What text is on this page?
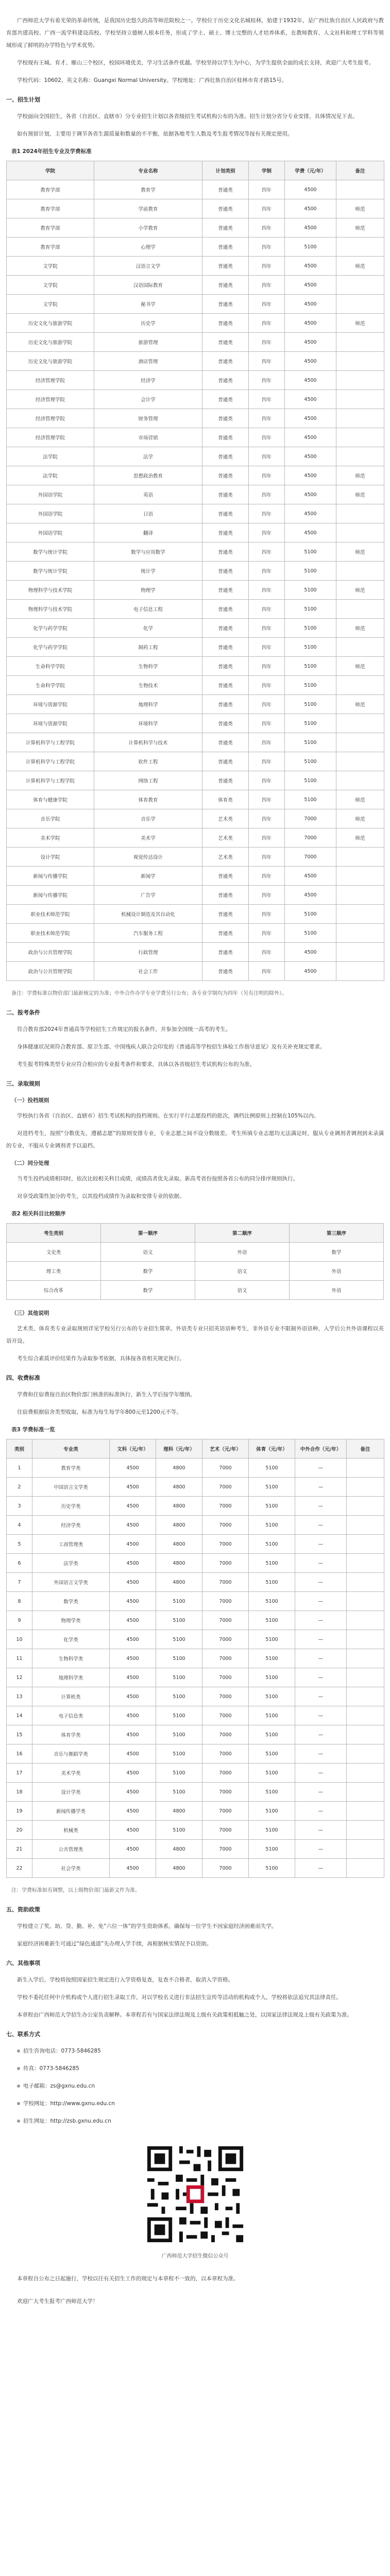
广西师范大学有着光荣的革命传统，是我国历史悠久的高等师范院校之一。学校位于历史文化名城桂林，始建于1932年，是广西壮族自治区人民政府与教育部共建高校、广西一流学科建设高校。学校坚持立德树人根本任务，形成了学士、硕士、博士完整的人才培养体系，在教师教育、人文社科和理工学科等领域形成了鲜明的办学特色与学术优势。

学校现有王城、育才、雁山三个校区，校园环境优美，学习生活条件优越。学校坚持以学生为中心，为学生提供全面的成长支持，欢迎广大考生报考。

学校代码：10602，英文名称：Guangxi Normal University。学校地址：广西壮族自治区桂林市育才路15号。

一、招生计划

学校面向全国招生，各省（自治区、直辖市）分专业招生计划以各省级招生考试机构公布的为准。招生计划分省分专业安排，具体情况见下表。

如有预留计划，主要用于调节各省生源质量和数量的不平衡，依据各地考生人数及考生报考情况等按有关规定使用。

表1 2024年招生专业及学费标准
学院	专业名称	计划类别	学制	学费（元/年）	备注
教育学部	教育学	普通类	四年	4500	
教育学部	学前教育	普通类	四年	4500	师范
教育学部	小学教育	普通类	四年	4500	师范
教育学部	心理学	普通类	四年	5100	
文学院	汉语言文学	普通类	四年	4500	师范
文学院	汉语国际教育	普通类	四年	4500	
文学院	秘书学	普通类	四年	4500	
历史文化与旅游学院	历史学	普通类	四年	4500	师范
历史文化与旅游学院	旅游管理	普通类	四年	4500	
历史文化与旅游学院	酒店管理	普通类	四年	4500	
经济管理学院	经济学	普通类	四年	4500	
经济管理学院	会计学	普通类	四年	4500	
经济管理学院	财务管理	普通类	四年	4500	
经济管理学院	市场营销	普通类	四年	4500	
法学院	法学	普通类	四年	4500	
法学院	思想政治教育	普通类	四年	4500	师范
外国语学院	英语	普通类	四年	4500	师范
外国语学院	日语	普通类	四年	4500	
外国语学院	翻译	普通类	四年	4500	
数学与统计学院	数学与应用数学	普通类	四年	5100	师范
数学与统计学院	统计学	普通类	四年	5100	
物理科学与技术学院	物理学	普通类	四年	5100	师范
物理科学与技术学院	电子信息工程	普通类	四年	5100	
化学与药学学院	化学	普通类	四年	5100	师范
化学与药学学院	制药工程	普通类	四年	5100	
生命科学学院	生物科学	普通类	四年	5100	师范
生命科学学院	生物技术	普通类	四年	5100	
环境与资源学院	地理科学	普通类	四年	5100	师范
环境与资源学院	环境科学	普通类	四年	5100	
计算机科学与工程学院	计算机科学与技术	普通类	四年	5100	
计算机科学与工程学院	软件工程	普通类	四年	5100	
计算机科学与工程学院	网络工程	普通类	四年	5100	
体育与健康学院	体育教育	体育类	四年	5100	师范
音乐学院	音乐学	艺术类	四年	7000	师范
美术学院	美术学	艺术类	四年	7000	师范
设计学院	视觉传达设计	艺术类	四年	7000	
新闻与传播学院	新闻学	普通类	四年	4500	
新闻与传播学院	广告学	普通类	四年	4500	
职业技术师范学院	机械设计制造及其自动化	普通类	四年	5100	
职业技术师范学院	汽车服务工程	普通类	四年	5100	
政治与公共管理学院	行政管理	普通类	四年	4500	
政治与公共管理学院	社会工作	普通类	四年	4500	
备注：学费标准以物价部门最新核定的为准；中外合作办学专业学费另行公布；各专业学制均为四年（另有注明的除外）。
二、报考条件

符合教育部2024年普通高等学校招生工作规定的报名条件，并参加全国统一高考的考生。

身体健康状况须符合教育部、原卫生部、中国残疾人联合会印发的《普通高等学校招生体检工作指导意见》及有关补充规定要求。

考生报考特殊类型专业应符合相应的专业报考条件和要求，具体以各省级招生考试机构公布的为准。

三、录取规则
（一）投档规则

学校执行各省（自治区、直辖市）招生考试机构的投档规则。在实行平行志愿投档的批次，调档比例原则上控制在105%以内。

对进档考生，按照“分数优先、遵循志愿”的原则安排专业，专业志愿之间不设分数级差。考生所填专业志愿均无法满足时，服从专业调剂者调剂到未录满的专业，不服从专业调剂者予以退档。

（二）同分处理

当考生投档成绩相同时，依次比较相关科目成绩，成绩高者优先录取。新高考省份按照各省公布的同分排序规则执行。

对享受政策性加分的考生，以其投档成绩作为录取和安排专业的依据。

表2 相关科目比较顺序
考生类别	第一顺序	第二顺序	第三顺序
文史类	语文	外语	数学
理工类	数学	语文	外语
综合改革	数学	语文	外语
（三）其他说明

艺术类、体育类专业录取规则详见学校另行公布的专业招生简章。外语类专业只招英语语种考生，非外语专业不限制外语语种，入学后公共外语课程以英语开设。

考生综合素质评价结果作为录取参考依据，具体按各省相关规定执行。

四、收费标准

学费和住宿费按自治区物价部门核准的标准执行，新生入学后按学年缴纳。

住宿费根据宿舍类型收取，标准为每生每学年800元至1200元不等。

表3 学费标准一览
类别	专业类	文科（元/年）	理科（元/年）	艺术（元/年）	体育（元/年）	中外合作（元/年）	备注
1	教育学类	4500	4800	7000	5100	—	
2	中国语言文学类	4500	4800	7000	5100	—	
3	历史学类	4500	4800	7000	5100	—	
4	经济学类	4500	4800	7000	5100	—	
5	工商管理类	4500	4800	7000	5100	—	
6	法学类	4500	4800	7000	5100	—	
7	外国语言文学类	4500	4800	7000	5100	—	
8	数学类	4500	5100	7000	5100	—	
9	物理学类	4500	5100	7000	5100	—	
10	化学类	4500	5100	7000	5100	—	
11	生物科学类	4500	5100	7000	5100	—	
12	地理科学类	4500	5100	7000	5100	—	
13	计算机类	4500	5100	7000	5100	—	
14	电子信息类	4500	5100	7000	5100	—	
15	体育学类	4500	5100	7000	5100	—	
16	音乐与舞蹈学类	4500	5100	7000	5100	—	
17	美术学类	4500	5100	7000	5100	—	
18	设计学类	4500	5100	7000	5100	—	
19	新闻传播学类	4500	4800	7000	5100	—	
20	机械类	4500	5100	7000	5100	—	
21	公共管理类	4500	4800	7000	5100	—	
22	社会学类	4500	4800	7000	5100	—	
注：学费标准如有调整，以上级物价部门最新文件为准。
五、资助政策

学校建立了奖、助、贷、勤、补、免“六位一体”的学生资助体系，确保每一位学生不因家庭经济困难而失学。

家庭经济困难新生可通过“绿色通道”先办理入学手续，再根据核实情况予以资助。

六、其他事项

新生入学后，学校将按照国家招生规定进行入学资格复查，复查不合格者，取消入学资格。

学校不委托任何中介机构或个人进行招生录取工作，对以学校名义进行非法招生宣传等活动的机构或个人，学校将依法追究其法律责任。

本章程由广西师范大学招生办公室负责解释。本章程若有与国家法律法规及上级有关政策相抵触之处，以国家法律法规及上级有关政策为准。

七、联系方式

招生咨询电话：0773-5846285

传真：0773-5846285

电子邮箱：zs@gxnu.edu.cn

学校网址：http://www.gxnu.edu.cn

招生网址：http://zsb.gxnu.edu.cn

广西师范大学招生微信公众号

本章程自公布之日起施行，学校以往有关招生工作的规定与本章程不一致的，以本章程为准。

欢迎广大考生报考广西师范大学！
